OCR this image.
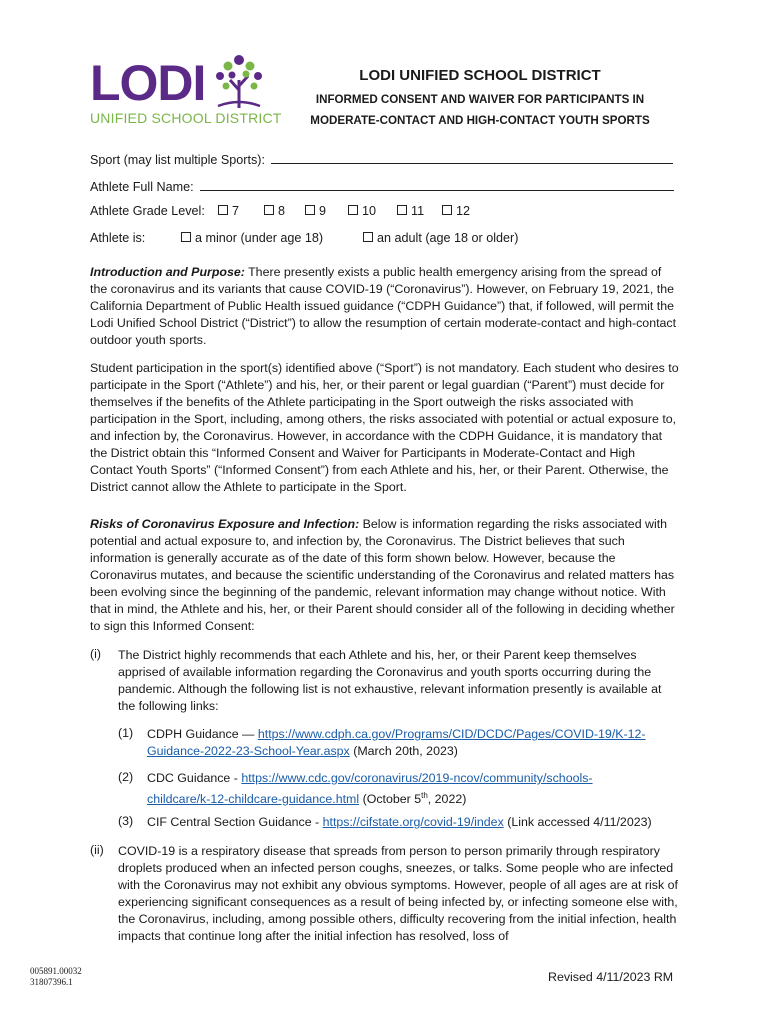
LODI
UNIFIED SCHOOL DISTRICT
LODI UNIFIED SCHOOL DISTRICT
INFORMED CONSENT AND WAIVER FOR PARTICIPANTS IN
MODERATE-CONTACT AND HIGH-CONTACT YOUTH SPORTS
Sport (may list multiple Sports):
Athlete Full Name:
Athlete Grade Level:	7	8	9	10	11	12
Athlete is:	a minor (under age 18)	an adult (age 18 or older)

Introduction and Purpose: There presently exists a public health emergency arising from the spread of the coronavirus and its variants that cause COVID-19 (“Coronavirus”). However, on February 19, 2021, the California Department of Public Health issued guidance (“CDPH Guidance”) that, if followed, will permit the Lodi Unified School District (“District”) to allow the resumption of certain moderate-contact and high-contact outdoor youth sports.

Student participation in the sport(s) identified above (“Sport”) is not mandatory. Each student who desires to participate in the Sport (“Athlete”) and his, her, or their parent or legal guardian (“Parent”) must decide for themselves if the benefits of the Athlete participating in the Sport outweigh the risks associated with participation in the Sport, including, among others, the risks associated with potential or actual exposure to, and infection by, the Coronavirus. However, in accordance with the CDPH Guidance, it is mandatory that the District obtain this “Informed Consent and Waiver for Participants in Moderate-Contact and High Contact Youth Sports” (“Informed Consent”) from each Athlete and his, her, or their Parent. Otherwise, the District cannot allow the Athlete to participate in the Sport.

Risks of Coronavirus Exposure and Infection: Below is information regarding the risks associated with potential and actual exposure to, and infection by, the Coronavirus. The District believes that such information is generally accurate as of the date of this form shown below. However, because the Coronavirus mutates, and because the scientific understanding of the Coronavirus and related matters has been evolving since the beginning of the pandemic, relevant information may change without notice. With that in mind, the Athlete and his, her, or their Parent should consider all of the following in deciding whether to sign this Informed Consent:

(i) The District highly recommends that each Athlete and his, her, or their Parent keep themselves apprised of available information regarding the Coronavirus and youth sports occurring during the pandemic. Although the following list is not exhaustive, relevant information presently is available at the following links:
(1) CDPH Guidance — https://www.cdph.ca.gov/Programs/CID/DCDC/Pages/COVID-19/K-12-
Guidance-2022-23-School-Year.aspx (March 20th, 2023)
(2) CDC Guidance - https://www.cdc.gov/coronavirus/2019-ncov/community/schools-
childcare/k-12-childcare-guidance.html (October 5th, 2022)
(3) CIF Central Section Guidance - https://cifstate.org/covid-19/index (Link accessed 4/11/2023)
(ii) COVID-19 is a respiratory disease that spreads from person to person primarily through respiratory droplets produced when an infected person coughs, sneezes, or talks. Some people who are infected with the Coronavirus may not exhibit any obvious symptoms. However, people of all ages are at risk of experiencing significant consequences as a result of being infected by, or infecting someone else with, the Coronavirus, including, among possible others, difficulty recovering from the initial infection, health impacts that continue long after the initial infection has resolved, loss of
005891.00032
31807396.1	Revised 4/11/2023 RM
